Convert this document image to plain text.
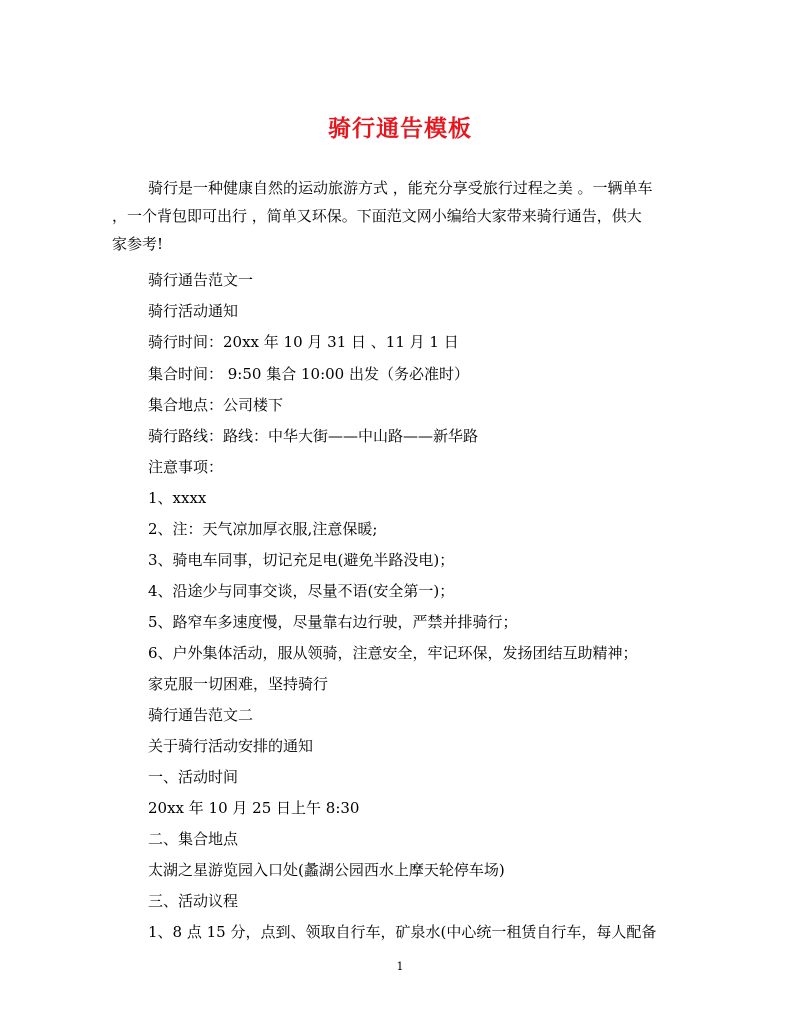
骑行通告模板
骑行是一种健康自然的运动旅游方式 ，能充分享受旅行过程之美 。一辆单车
，一个背包即可出行 ，简单又环保。下面范文网小编给大家带来骑行通告，供大
家参考!
骑行通告范文一
骑行活动通知
骑行时间：20xx 年 10 月 31 日 、11 月 1 日
集合时间： 9:50 集合 10:00 出发（务必准时）
集合地点：公司楼下
骑行路线：路线：中华大街——中山路——新华路
注意事项：
1、xxxx
2、注：天气凉加厚衣服,注意保暖;
3、骑电车同事，切记充足电(避免半路没电)；
4、沿途少与同事交谈，尽量不语(安全第一)；
5、路窄车多速度慢，尽量靠右边行驶，严禁并排骑行；
6、户外集体活动，服从领骑，注意安全，牢记环保，发扬团结互助精神；
家克服一切困难，坚持骑行
骑行通告范文二
关于骑行活动安排的通知
一、活动时间
20xx 年 10 月 25 日上午 8:30
二、集合地点
太湖之星游览园入口处(蠡湖公园西水上摩天轮停车场)
三、活动议程
1、8 点 15 分，点到、领取自行车，矿泉水(中心统一租赁自行车，每人配备
1
